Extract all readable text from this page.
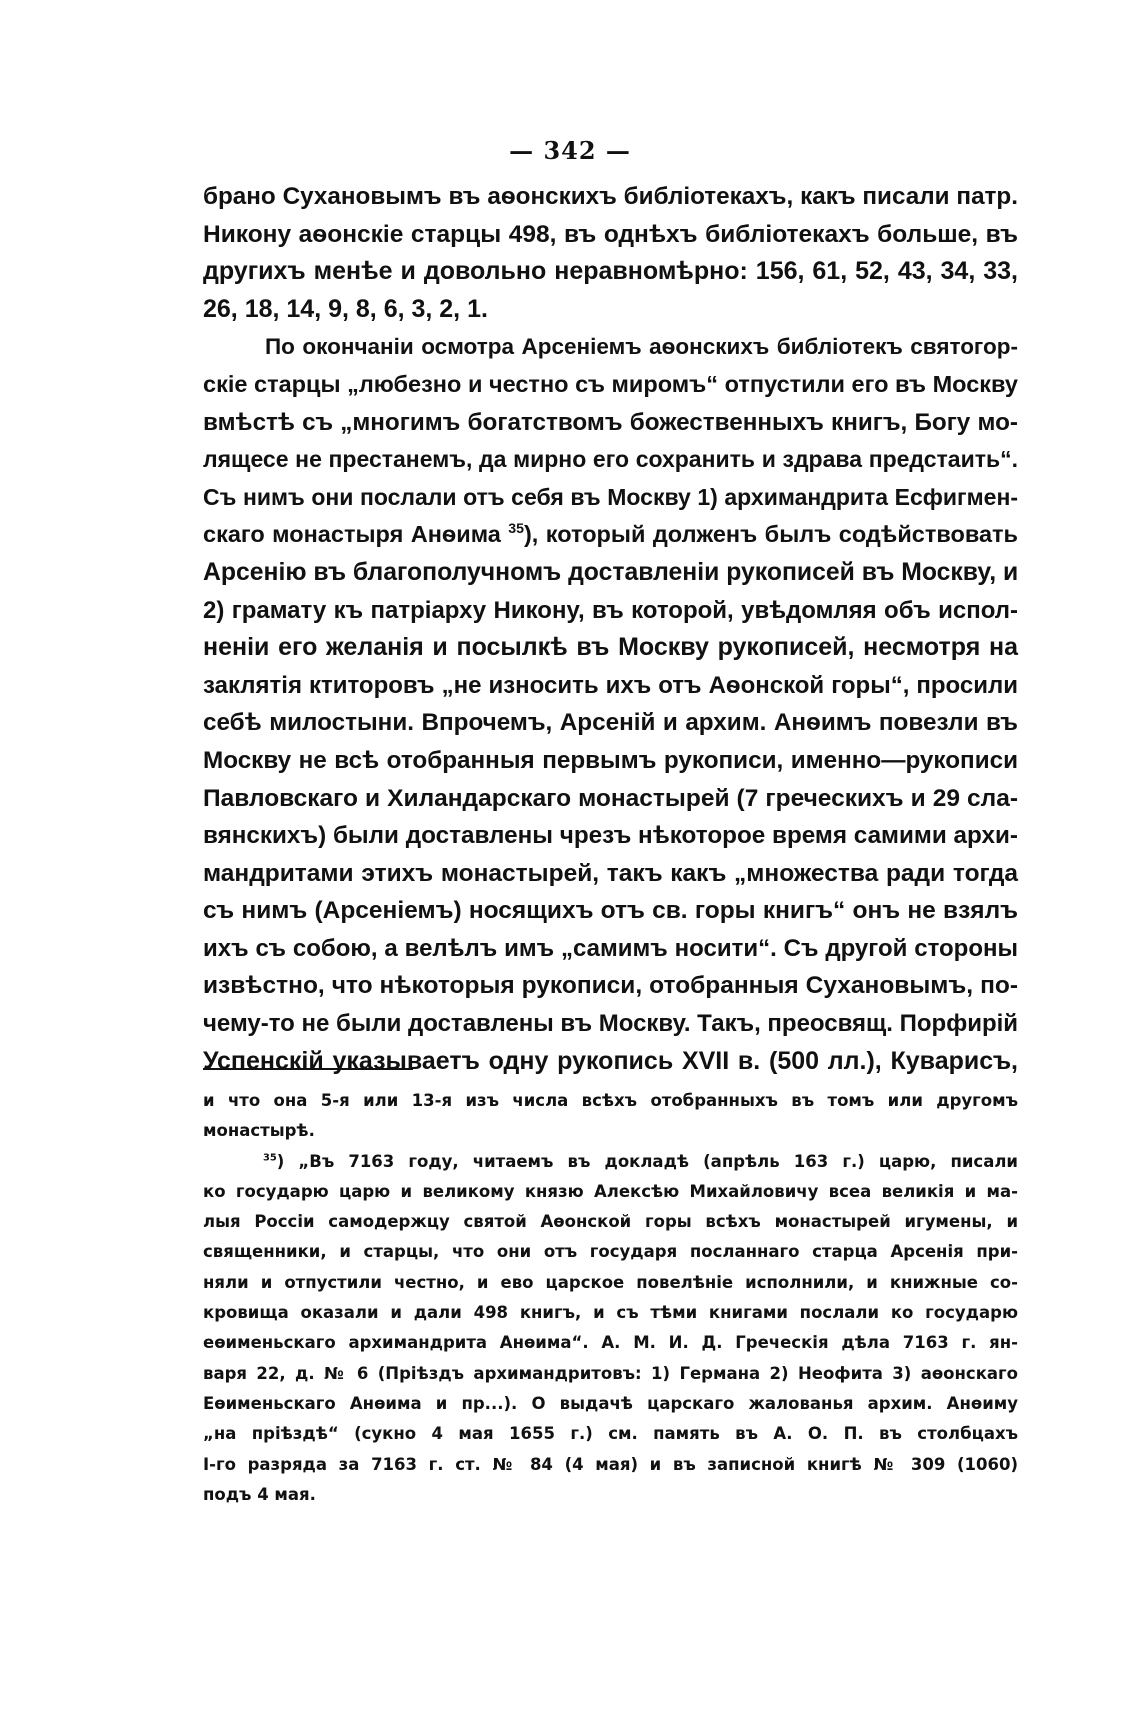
— 342 —
брано Сухановымъ въ аѳонскихъ библіотекахъ, какъ писали патр.
Никону аѳонскіе старцы 498, въ однѣхъ библіотекахъ больше, въ
другихъ менѣе и довольно неравномѣрно: 156, 61, 52, 43, 34, 33,
26, 18, 14, 9, 8, 6, 3, 2, 1.
По окончаніи осмотра Арсеніемъ аѳонскихъ библіотекъ святогор-
скіе старцы „любезно и честно съ миромъ“ отпустили его въ Москву
вмѣстѣ съ „многимъ богатствомъ божественныхъ книгъ, Богу мо-
лящесе не престанемъ, да мирно его сохранить и здрава предстаить“.
Съ нимъ они послали отъ себя въ Москву 1) архимандрита Есфигмен-
скаго монастыря Анѳима $^{35}$), который долженъ былъ содѣйствовать
Арсенію въ благополучномъ доставленіи рукописей въ Москву, и
2) грамату къ патріарху Никону, въ которой, увѣдомляя объ испол-
неніи его желанія и посылкѣ въ Москву рукописей, несмотря на
заклятія ктиторовъ „не износить ихъ отъ Аѳонской горы“, просили
себѣ милостыни. Впрочемъ, Арсеній и архим. Анѳимъ повезли въ
Москву не всѣ отобранныя первымъ рукописи, именно—рукописи
Павловскаго и Хиландарскаго монастырей (7 греческихъ и 29 сла-
вянскихъ) были доставлены чрезъ нѣкоторое время самими архи-
мандритами этихъ монастырей, такъ какъ „множества ради тогда
съ нимъ (Арсеніемъ) носящихъ отъ св. горы книгъ“ онъ не взялъ
ихъ съ собою, а велѣлъ имъ „самимъ носити“. Съ другой стороны
извѣстно, что нѣкоторыя рукописи, отобранныя Сухановымъ, по-
чему-то не были доставлены въ Москву. Такъ, преосвящ. Порфирій
Успенскій указываетъ одну рукопись XVII в. (500 лл.), Куварисъ,
и что она 5-я или 13-я изъ числа всѣхъ отобранныхъ въ томъ или другомъ
монастырѣ.
$^{35}$) „Въ 7163 году, читаемъ въ докладѣ (апрѣль 163 г.) царю, писали
ко государю царю и великому князю Алексѣю Михайловичу всеа великія и ма-
лыя Россіи самодержцу святой Аѳонской горы всѣхъ монастырей игумены, и
священники, и старцы, что они отъ государя посланнаго старца Арсенія при-
няли и отпустили честно, и ево царское повелѣніе исполнили, и книжные со-
кровища оказали и дали 498 книгъ, и съ тѣми книгами послали ко государю
еѳименьскаго архимандрита Анѳима“. А. М. И. Д. Греческія дѣла 7163 г. ян-
варя 22, д. № 6 (Пріѣздъ архимандритовъ: 1) Германа 2) Неофита 3) аѳонскаго
Еѳименьскаго Анѳима и пр...). О выдачѣ царскаго жалованья архим. Анѳиму
„на пріѣздѣ“ (сукно 4 мая 1655 г.) см. память въ А. О. П. въ столбцахъ
І-го разряда за 7163 г. ст. № 84 (4 мая) и въ записной книгѣ № 309 (1060)
подъ 4 мая.
